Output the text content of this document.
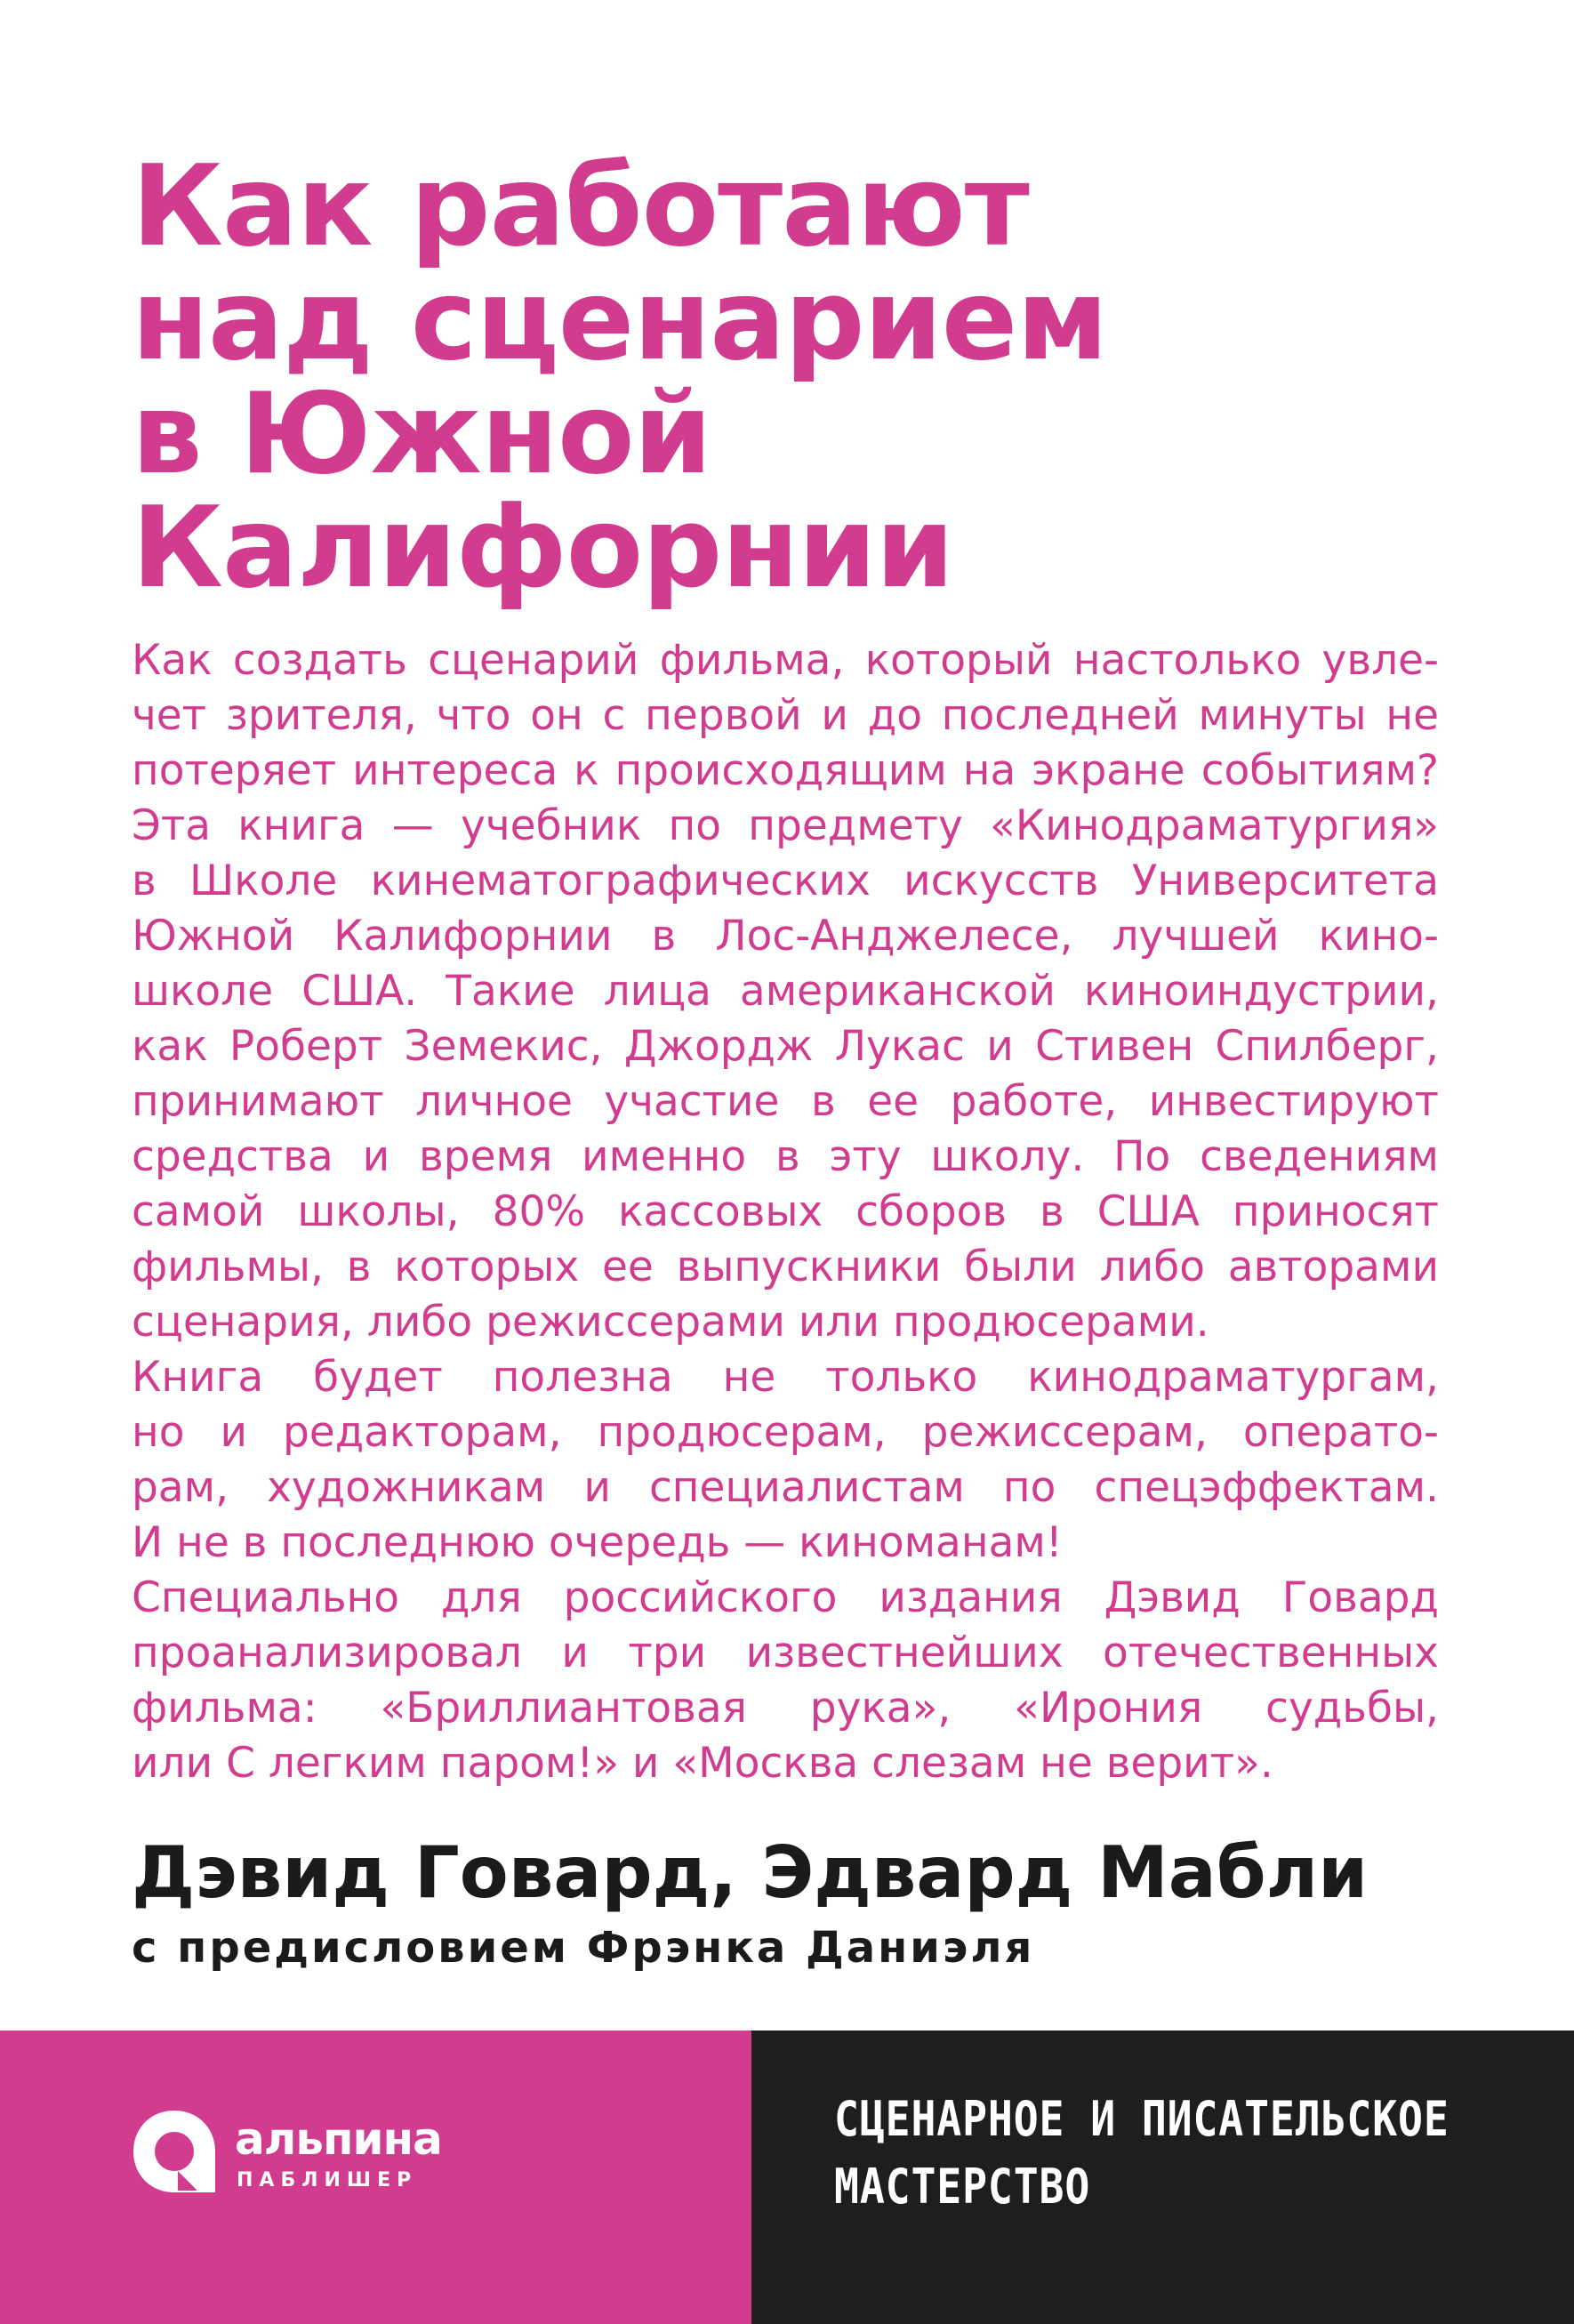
Как работают
над сценарием
в Южной
Калифорнии
Как создать сценарий фильма, который настолько увле-
чет зрителя, что он с первой и до последней минуты не
потеряет интереса к происходящим на экране событиям?
Эта книга — учебник по предмету «Кинодраматургия»
в Школе кинематографических искусств Университета
Южной Калифорнии в Лос-Анджелесе, лучшей кино-
школе США. Такие лица американской киноиндустрии,
как Роберт Земекис, Джордж Лукас и Стивен Спилберг,
принимают личное участие в ее работе, инвестируют
средства и время именно в эту школу. По сведениям
самой школы, 80% кассовых сборов в США приносят
фильмы, в которых ее выпускники были либо авторами
сценария, либо режиссерами или продюсерами.
Книга будет полезна не только кинодраматургам,
но и редакторам, продюсерам, режиссерам, операто-
рам, художникам и специалистам по спецэффектам.
И не в последнюю очередь — киноманам!
Специально для российского издания Дэвид Говард
проанализировал и три известнейших отечественных
фильма: «Бриллиантовая рука», «Ирония судьбы,
или С легким паром!» и «Москва слезам не верит».
Дэвид Говард, Эдвард Мабли
с предисловием Фрэнка Даниэля
альпина
ПАБЛИШЕР
СЦЕНАРНОЕ И ПИСАТЕЛЬСКОЕ
МАСТЕРСТВО
